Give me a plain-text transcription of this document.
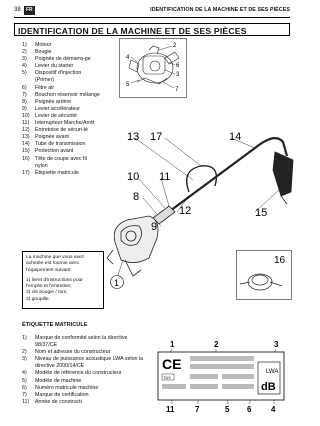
38	FR	IDENTIFICATION DE LA MACHINE ET DE SES PIÈCES
IDENTIFICATION DE LA MACHINE ET DE SES PIÈCES
1)	Moteur
2)	Bougie
3)	Poignée de démarra-ge
4)	Levier du starter
5)	Dispositif d'injection (Primer)
6)	Filtre air
7)	Bouchon réservoir mélange
8)	Poignée arrière
9)	Levier accélérateur
10)	Levier de sécurité
11)	Interrupteur Marche/Arrêt
12)	Entretoise de sécuri-té
13)	Poignée avant
14)	Tube de transmission
15)	Protection avant
16)	Tête de coupe avec fil nylon
17)	Étiquette matricule
2
4
6
3
5
7
13 17	14
10 11
8
12	15
9
1
16

La machine que vous avez achetée est fournie avec l'équipement suivant:

1) livret d'instructions pour l'emploi et l'entretien;
2) clé bougie / tors;
3) goupille.
ÉTIQUETTE MATRICULE
1)	Marque de conformité selon la directive 98/37/CE
2)	Nom et adresse du constructeur
3)	Niveau de puissance acoustique LWA selon la directive 2000/14/CE
4)	Modèle de référence du constructeur
5)	Modèle de machine
6)	Numéro matricule machine
7)	Marque de certification
11)	Année de constructi
1	2	3
CE
TÜV
LWA
dB
11	7	5 6 4
